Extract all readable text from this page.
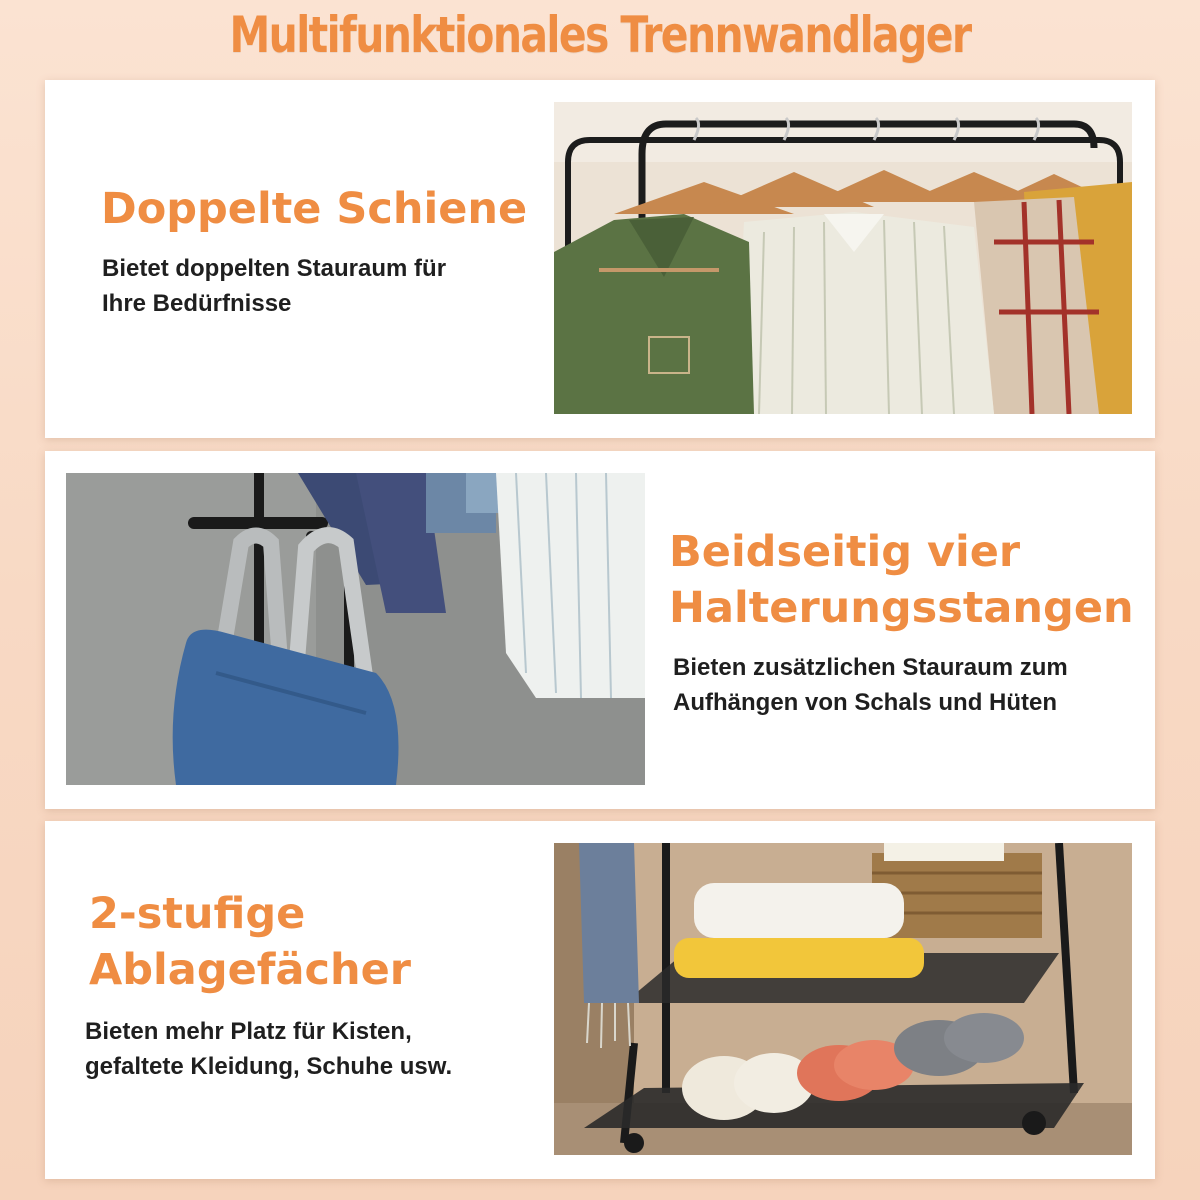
Multifunktionales Trennwandlager
Doppelte Schiene

Bietet doppelten Stauraum für
Ihre Bedürfnisse

Beidseitig vier
Halterungsstangen

Bieten zusätzlichen Stauraum zum
Aufhängen von Schals und Hüten

2-stufige
Ablagefächer

Bieten mehr Platz für Kisten,
gefaltete Kleidung, Schuhe usw.
